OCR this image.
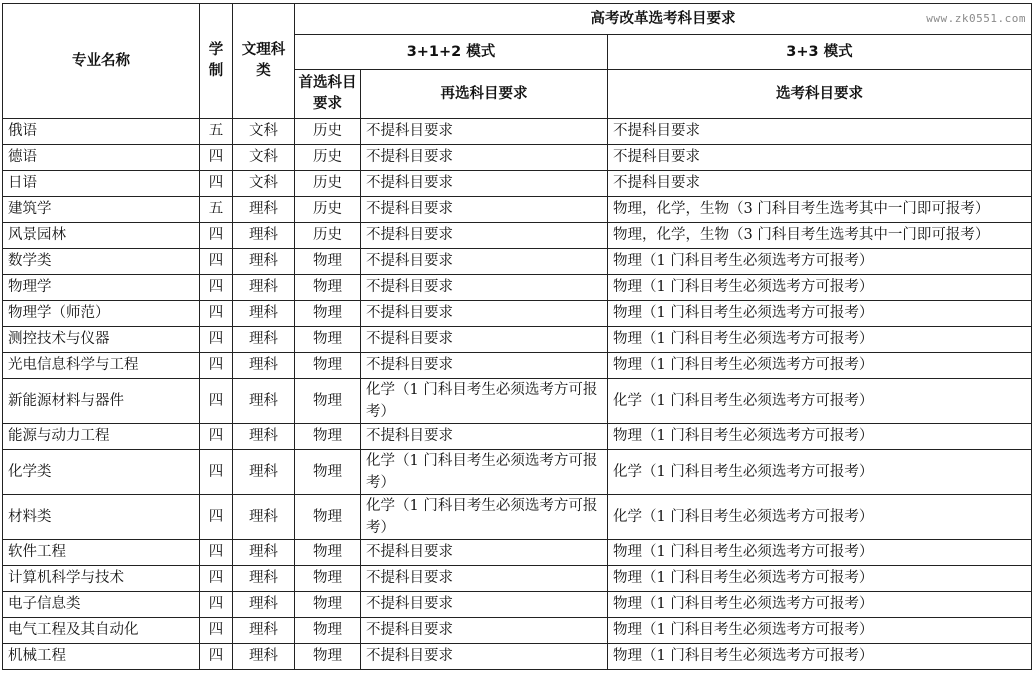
www.zk0551.com
专业名称	学制	文理科类	高考改革选考科目要求		
			3+1+2 模式		3+3 模式
			首选科目要求	再选科目要求	选考科目要求
俄语	五	文科	历史	不提科目要求	不提科目要求
德语	四	文科	历史	不提科目要求	不提科目要求
日语	四	文科	历史	不提科目要求	不提科目要求
建筑学	五	理科	历史	不提科目要求	物理，化学，生物（3 门科目考生选考其中一门即可报考）
风景园林	四	理科	历史	不提科目要求	物理，化学，生物（3 门科目考生选考其中一门即可报考）
数学类	四	理科	物理	不提科目要求	物理（1 门科目考生必须选考方可报考）
物理学	四	理科	物理	不提科目要求	物理（1 门科目考生必须选考方可报考）
物理学（师范）	四	理科	物理	不提科目要求	物理（1 门科目考生必须选考方可报考）
测控技术与仪器	四	理科	物理	不提科目要求	物理（1 门科目考生必须选考方可报考）
光电信息科学与工程	四	理科	物理	不提科目要求	物理（1 门科目考生必须选考方可报考）
新能源材料与器件	四	理科	物理	化学（1 门科目考生必须选考方可报考）	化学（1 门科目考生必须选考方可报考）
能源与动力工程	四	理科	物理	不提科目要求	物理（1 门科目考生必须选考方可报考）
化学类	四	理科	物理	化学（1 门科目考生必须选考方可报考）	化学（1 门科目考生必须选考方可报考）
材料类	四	理科	物理	化学（1 门科目考生必须选考方可报考）	化学（1 门科目考生必须选考方可报考）
软件工程	四	理科	物理	不提科目要求	物理（1 门科目考生必须选考方可报考）
计算机科学与技术	四	理科	物理	不提科目要求	物理（1 门科目考生必须选考方可报考）
电子信息类	四	理科	物理	不提科目要求	物理（1 门科目考生必须选考方可报考）
电气工程及其自动化	四	理科	物理	不提科目要求	物理（1 门科目考生必须选考方可报考）
机械工程	四	理科	物理	不提科目要求	物理（1 门科目考生必须选考方可报考）
